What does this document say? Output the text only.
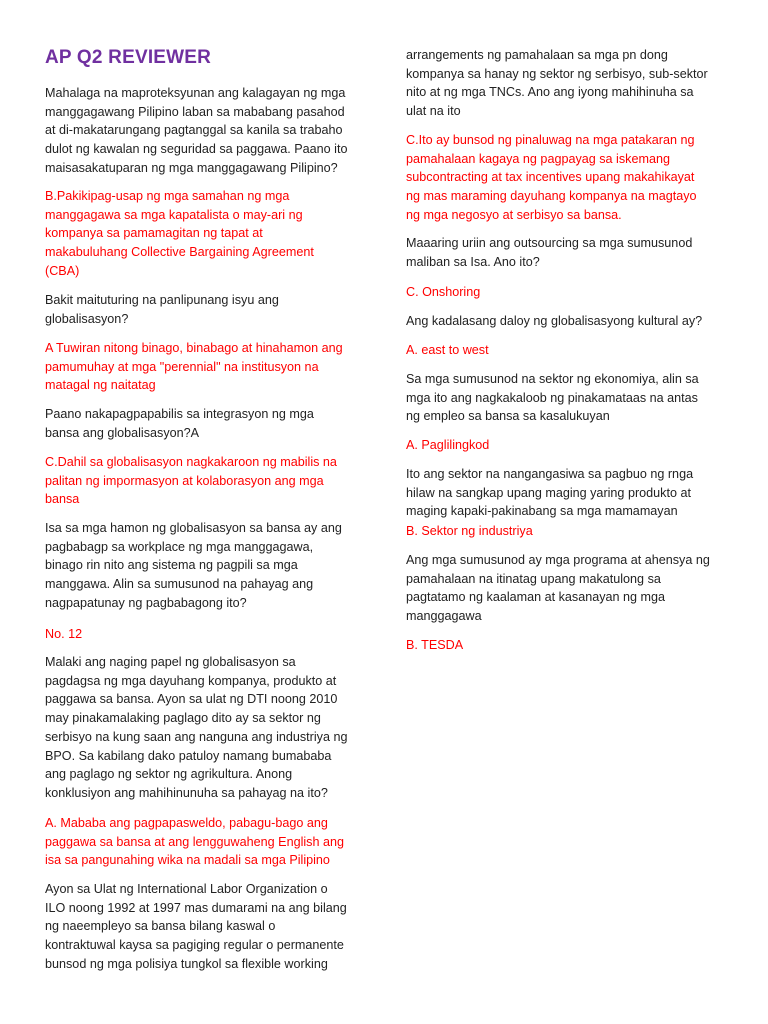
AP Q2 REVIEWER

Mahalaga na maproteksyunan ang kalagayan ng mga
manggagawang Pilipino laban sa mababang pasahod
at di-makatarungang pagtanggal sa kanila sa trabaho
dulot ng kawalan ng seguridad sa paggawa. Paano ito
maisasakatuparan ng mga manggagawang Pilipino?

B.Pakikipag-usap ng mga samahan ng mga
manggagawa sa mga kapatalista o may-ari ng
kompanya sa pamamagitan ng tapat at
makabuluhang Collective Bargaining Agreement
(CBA)

Bakit maituturing na panlipunang isyu ang
globalisasyon?

A Tuwiran nitong binago, binabago at hinahamon ang
pamumuhay at mga "perennial" na institusyon na
matagal ng naitatag

Paano nakapagpapabilis sa integrasyon ng mga
bansa ang globalisasyon?A

C.Dahil sa globalisasyon nagkakaroon ng mabilis na
palitan ng impormasyon at kolaborasyon ang mga
bansa

Isa sa mga hamon ng globalisasyon sa bansa ay ang
pagbabagp sa workplace ng mga manggagawa,
binago rin nito ang sistema ng pagpili sa mga
manggawa. Alin sa sumusunod na pahayag ang
nagpapatunay ng pagbabagong ito?

No. 12

Malaki ang naging papel ng globalisasyon sa
pagdagsa ng mga dayuhang kompanya, produkto at
paggawa sa bansa. Ayon sa ulat ng DTI noong 2010
may pinakamalaking paglago dito ay sa sektor ng
serbisyo na kung saan ang nanguna ang industriya ng
BPO. Sa kabilang dako patuloy namang bumababa
ang paglago ng sektor ng agrikultura. Anong
konklusiyon ang mahihinunuha sa pahayag na ito?

A. Mababa ang pagpapasweldo, pabagu-bago ang
paggawa sa bansa at ang lengguwaheng English ang
isa sa pangunahing wika na madali sa mga Pilipino

Ayon sa Ulat ng International Labor Organization o
ILO noong 1992 at 1997 mas dumarami na ang bilang
ng naeempleyo sa bansa bilang kaswal o
kontraktuwal kaysa sa pagiging regular o permanente
bunsod ng mga polisiya tungkol sa flexible working

arrangements ng pamahalaan sa mga pn dong
kompanya sa hanay ng sektor ng serbisyo, sub-sektor
nito at ng mga TNCs. Ano ang iyong mahihinuha sa
ulat na ito

C.Ito ay bunsod ng pinaluwag na mga patakaran ng
pamahalaan kagaya ng pagpayag sa iskemang
subcontracting at tax incentives upang makahikayat
ng mas maraming dayuhang kompanya na magtayo
ng mga negosyo at serbisyo sa bansa.

Maaaring uriin ang outsourcing sa mga sumusunod
maliban sa Isa. Ano ito?

C. Onshoring

Ang kadalasang daloy ng globalisasyong kultural ay?

A. east to west

Sa mga sumusunod na sektor ng ekonomiya, alin sa
mga ito ang nagkakaloob ng pinakamataas na antas
ng empleo sa bansa sa kasalukuyan

A. Paglilingkod

Ito ang sektor na nangangasiwa sa pagbuo ng rnga
hilaw na sangkap upang maging yaring produkto at
maging kapaki-pakinabang sa mga mamamayan

B. Sektor ng industriya

Ang mga sumusunod ay mga programa at ahensya ng
pamahalaan na itinatag upang makatulong sa
pagtatamo ng kaalaman at kasanayan ng mga
manggagawa

B. TESDA
